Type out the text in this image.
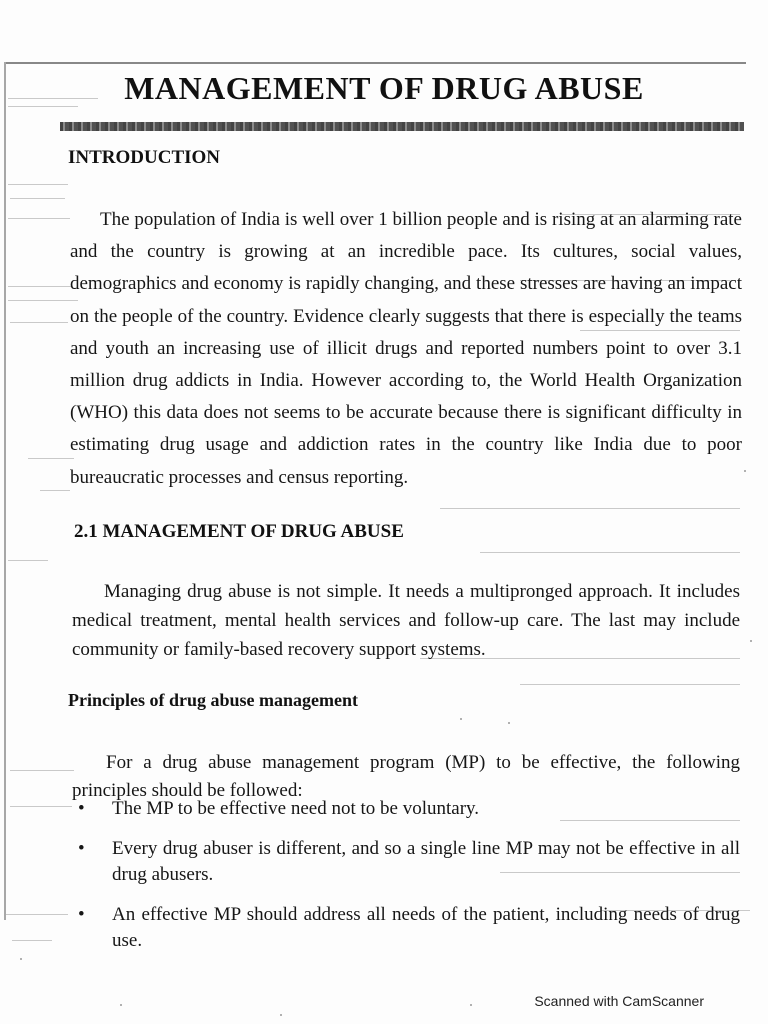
MANAGEMENT OF DRUG ABUSE
INTRODUCTION

The population of India is well over 1 billion people and is rising at an alarming rate and the country is growing at an incredible pace. Its cultures, social values, demographics and economy is rapidly changing, and these stresses are having an impact on the people of the country. Evidence clearly suggests that there is especially the teams and youth an increasing use of illicit drugs and reported numbers point to over 3.1 million drug addicts in India. However according to, the World Health Organization (WHO) this data does not seems to be accurate because there is significant difficulty in estimating drug usage and addiction rates in the country like India due to poor bureaucratic processes and census reporting.

2.1 MANAGEMENT OF DRUG ABUSE

Managing drug abuse is not simple. It needs a multipronged approach. It includes medical treatment, mental health services and follow-up care. The last may include community or family-based recovery support systems.

Principles of drug abuse management

For a drug abuse management program (MP) to be effective, the following principles should be followed:

• The MP to be effective need not to be voluntary.
• Every drug abuser is different, and so a single line MP may not be effective in all drug abusers.
• An effective MP should address all needs of the patient, including needs of drug use.
Scanned with CamScanner
